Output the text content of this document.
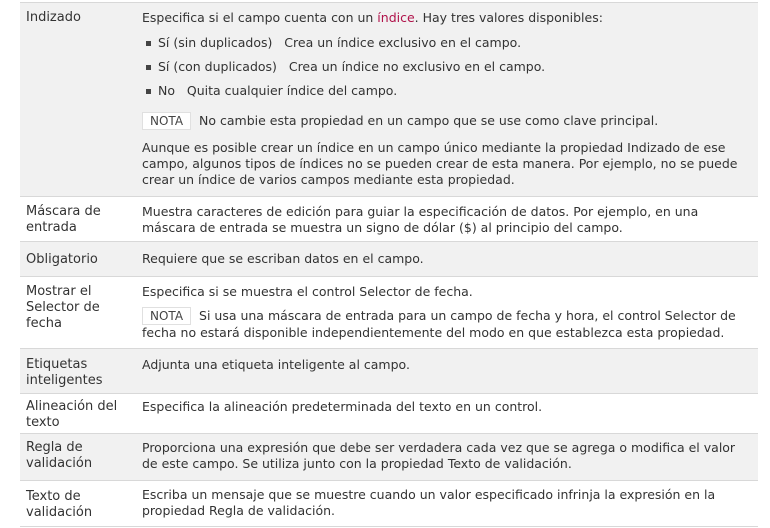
Indizado	Especifica si el campo cuenta con un índice. Hay tres valores disponibles:
Sí (sin duplicados)   Crea un índice exclusivo en el campo.
Sí (con duplicados)   Crea un índice no exclusivo en el campo.
No   Quita cualquier índice del campo.
NOTA No cambie esta propiedad en un campo que se use como clave principal.
Aunque es posible crear un índice en un campo único mediante la propiedad Indizado de ese campo, algunos tipos de índices no se pueden crear de esta manera. Por ejemplo, no se puede crear un índice de varios campos mediante esta propiedad.
Máscara de entrada
Muestra caracteres de edición para guiar la especificación de datos. Por ejemplo, en una máscara de entrada se muestra un signo de dólar ($) al principio del campo.
Obligatorio	Requiere que se escriban datos en el campo.
Mostrar el Selector de fecha
Especifica si se muestra el control Selector de fecha.
NOTA Si usa una máscara de entrada para un campo de fecha y hora, el control Selector de fecha no estará disponible independientemente del modo en que establezca esta propiedad.
Etiquetas inteligentes
Adjunta una etiqueta inteligente al campo.
Alineación del texto
Especifica la alineación predeterminada del texto en un control.
Regla de validación
Proporciona una expresión que debe ser verdadera cada vez que se agrega o modifica el valor de este campo. Se utiliza junto con la propiedad Texto de validación.
Texto de validación
Escriba un mensaje que se muestre cuando un valor especificado infrinja la expresión en la propiedad Regla de validación.
